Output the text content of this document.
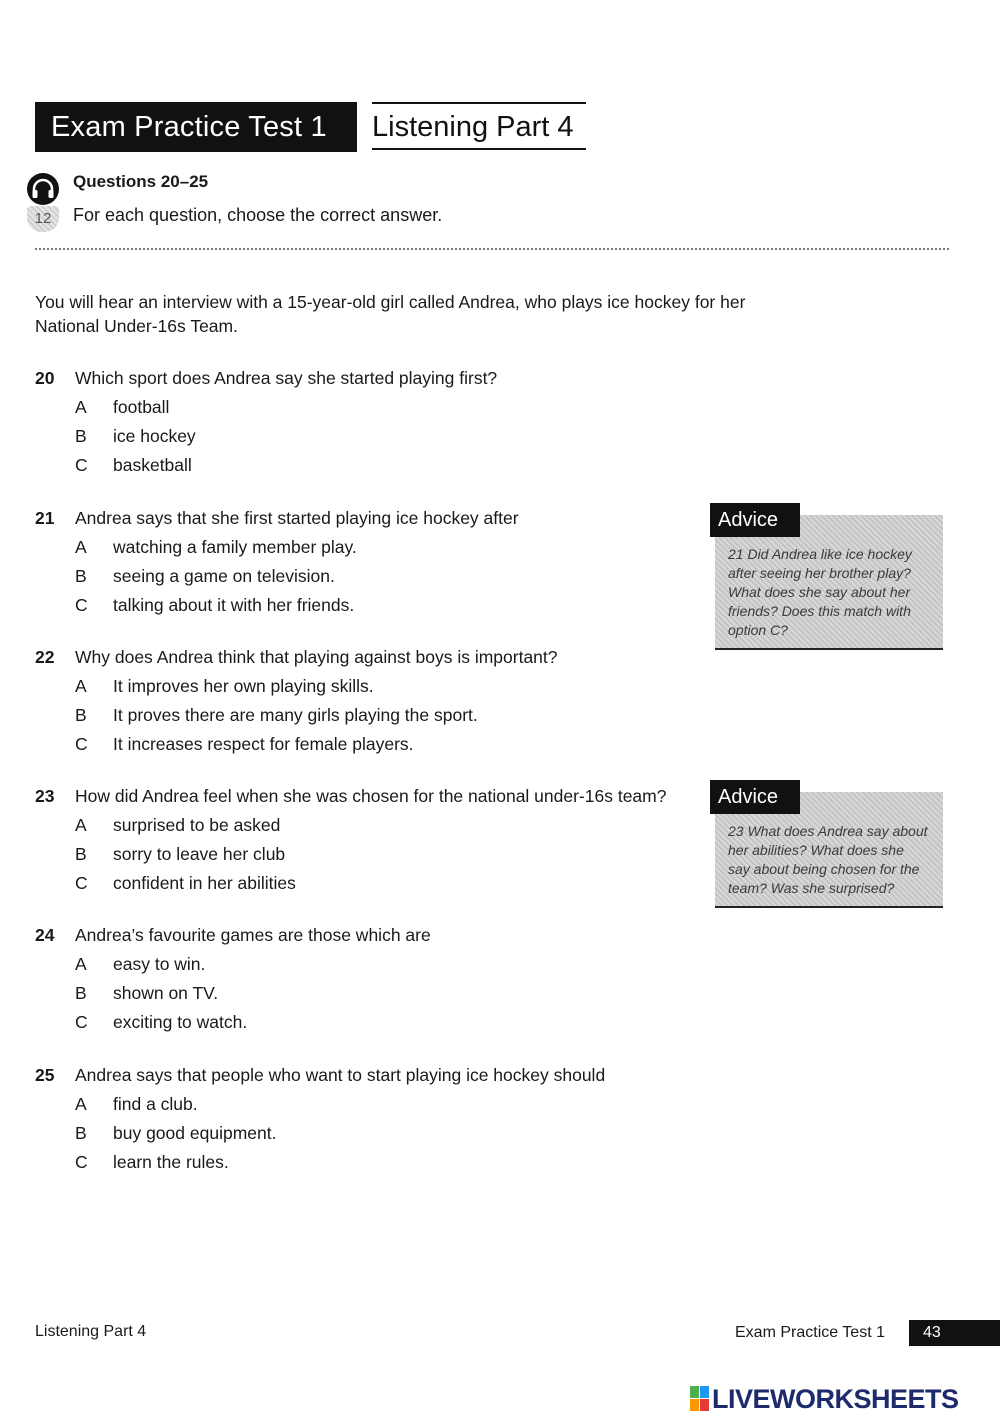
Exam Practice Test 1	Listening Part 4
12
Questions 20–25
For each question, choose the correct answer.
You will hear an interview with a 15-year-old girl called Andrea, who plays ice hockey for her
National Under-16s Team.
20 Which sport does Andrea say she started playing first?
A football
B ice hockey
C basketball
21 Andrea says that she first started playing ice hockey after
A watching a family member play.
B seeing a game on television.
C talking about it with her friends.
22 Why does Andrea think that playing against boys is important?
A It improves her own playing skills.
B It proves there are many girls playing the sport.
C It increases respect for female players.
23 How did Andrea feel when she was chosen for the national under-16s team?
A surprised to be asked
B sorry to leave her club
C confident in her abilities
24 Andrea’s favourite games are those which are
A easy to win.
B shown on TV.
C exciting to watch.
25 Andrea says that people who want to start playing ice hockey should
A find a club.
B buy good equipment.
C learn the rules.
21 Did Andrea like ice hockey
after seeing her brother play?
What does she say about her
friends? Does this match with
option C?
Advice
23 What does Andrea say about
her abilities? What does she
say about being chosen for the
team? Was she surprised?
Advice
Listening Part 4	Exam Practice Test 1	43
LIVEWORKSHEETS
